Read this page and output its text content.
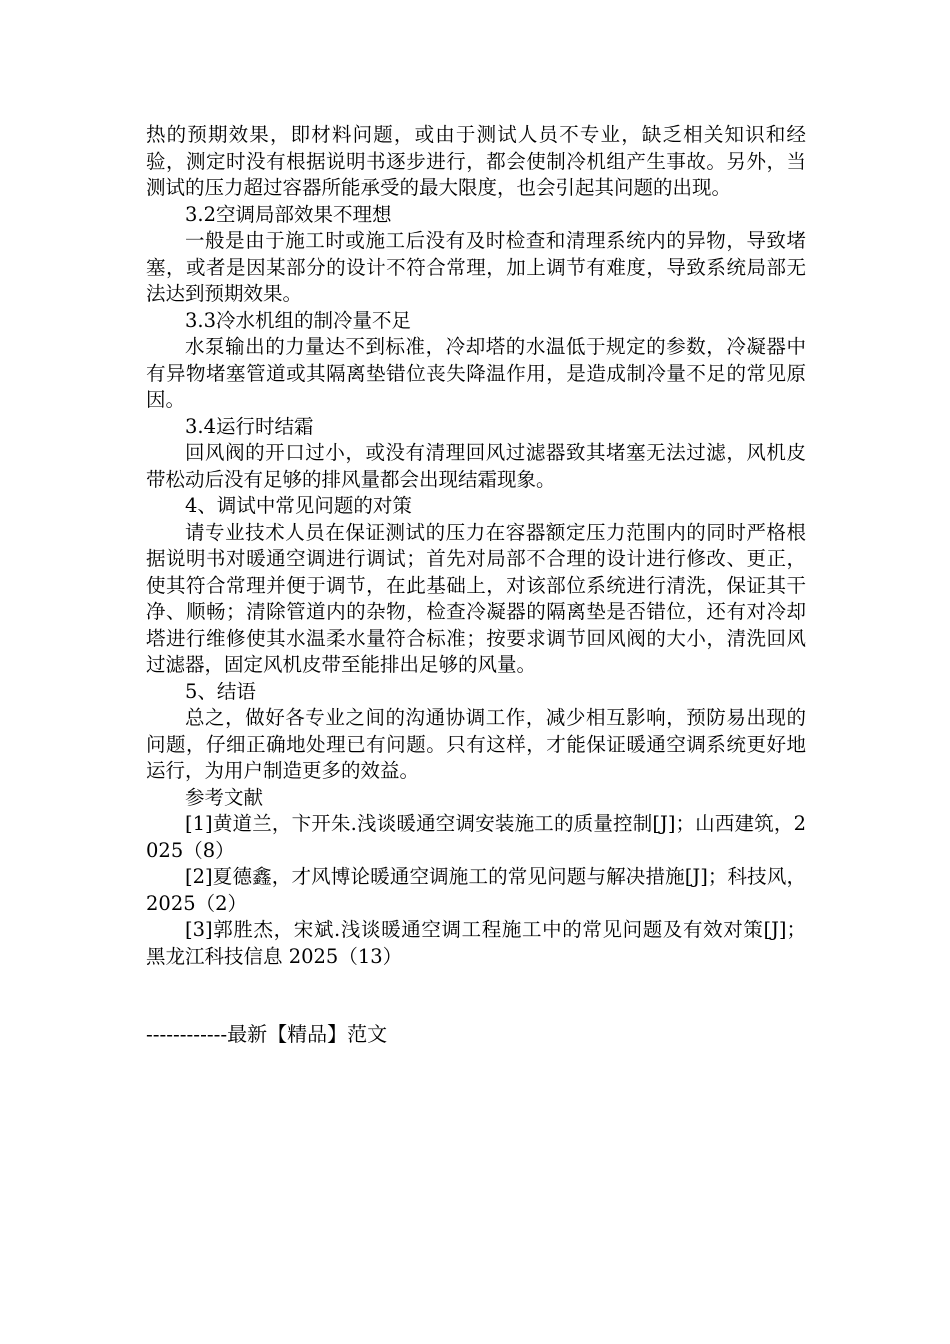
热的预期效果，即材料问题，或由于测试人员不专业，缺乏相关知识和经验，测定时没有根据说明书逐步进行，都会使制冷机组产生事故。另外，当测试的压力超过容器所能承受的最大限度，也会引起其问题的出现。

3.2空调局部效果不理想

一般是由于施工时或施工后没有及时检查和清理系统内的异物，导致堵塞，或者是因某部分的设计不符合常理，加上调节有难度，导致系统局部无法达到预期效果。

3.3冷水机组的制冷量不足

水泵输出的力量达不到标准，冷却塔的水温低于规定的参数，冷凝器中有异物堵塞管道或其隔离垫错位丧失降温作用，是造成制冷量不足的常见原因。

3.4运行时结霜

回风阀的开口过小，或没有清理回风过滤器致其堵塞无法过滤，风机皮带松动后没有足够的排风量都会出现结霜现象。

4、调试中常见问题的对策

请专业技术人员在保证测试的压力在容器额定压力范围内的同时严格根据说明书对暖通空调进行调试；首先对局部不合理的设计进行修改、更正，使其符合常理并便于调节，在此基础上，对该部位系统进行清洗，保证其干净、顺畅；清除管道内的杂物，检查冷凝器的隔离垫是否错位，还有对冷却塔进行维修使其水温柔水量符合标准；按要求调节回风阀的大小，清洗回风过滤器，固定风机皮带至能排出足够的风量。

5、结语

总之，做好各专业之间的沟通协调工作，减少相互影响，预防易出现的问题，仔细正确地处理已有问题。只有这样，才能保证暖通空调系统更好地运行，为用户制造更多的效益。

参考文献

[1]黄道兰，卞开朱.浅谈暖通空调安装施工的质量控制[J]；山西建筑，2025（8）

[2]夏德鑫，才风博论暖通空调施工的常见问题与解决措施[J]；科技风，2025（2）

[3]郭胜杰，宋斌.浅谈暖通空调工程施工中的常见问题及有效对策[J]；黑龙江科技信息 2025（13）

------------最新【精品】范文
